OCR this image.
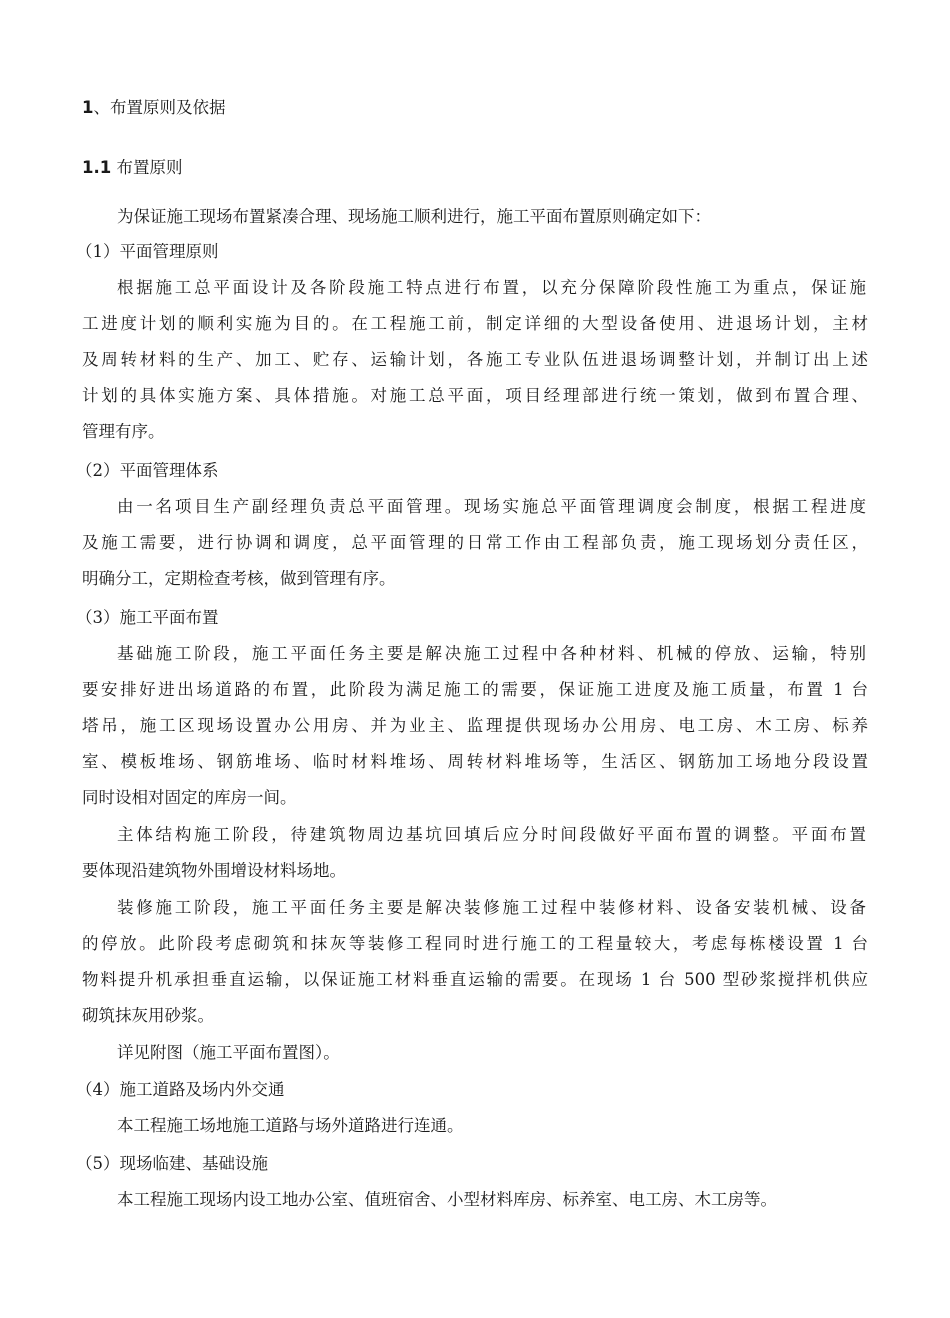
1、布置原则及依据
1.1 布置原则
为保证施工现场布置紧凑合理、现场施工顺利进行，施工平面布置原则确定如下：
（1）平面管理原则
根据施工总平面设计及各阶段施工特点进行布置，以充分保障阶段性施工为重点，保证施
工进度计划的顺利实施为目的。在工程施工前，制定详细的大型设备使用、进退场计划，主材
及周转材料的生产、加工、贮存、运输计划，各施工专业队伍进退场调整计划，并制订出上述
计划的具体实施方案、具体措施。对施工总平面，项目经理部进行统一策划，做到布置合理、
管理有序。
（2）平面管理体系
由一名项目生产副经理负责总平面管理。现场实施总平面管理调度会制度，根据工程进度
及施工需要，进行协调和调度，总平面管理的日常工作由工程部负责，施工现场划分责任区，
明确分工，定期检查考核，做到管理有序。
（3）施工平面布置
基础施工阶段，施工平面任务主要是解决施工过程中各种材料、机械的停放、运输，特别
要安排好进出场道路的布置，此阶段为满足施工的需要，保证施工进度及施工质量，布置 1 台
塔吊，施工区现场设置办公用房、并为业主、监理提供现场办公用房、电工房、木工房、标养
室、模板堆场、钢筋堆场、临时材料堆场、周转材料堆场等，生活区、钢筋加工场地分段设置
同时设相对固定的库房一间。
主体结构施工阶段，待建筑物周边基坑回填后应分时间段做好平面布置的调整。平面布置
要体现沿建筑物外围增设材料场地。
装修施工阶段，施工平面任务主要是解决装修施工过程中装修材料、设备安装机械、设备
的停放。此阶段考虑砌筑和抹灰等装修工程同时进行施工的工程量较大，考虑每栋楼设置 1 台
物料提升机承担垂直运输，以保证施工材料垂直运输的需要。在现场 1 台 500 型砂浆搅拌机供应
砌筑抹灰用砂浆。
详见附图（施工平面布置图）。
（4）施工道路及场内外交通
本工程施工场地施工道路与场外道路进行连通。
（5）现场临建、基础设施
本工程施工现场内设工地办公室、值班宿舍、小型材料库房、标养室、电工房、木工房等。
